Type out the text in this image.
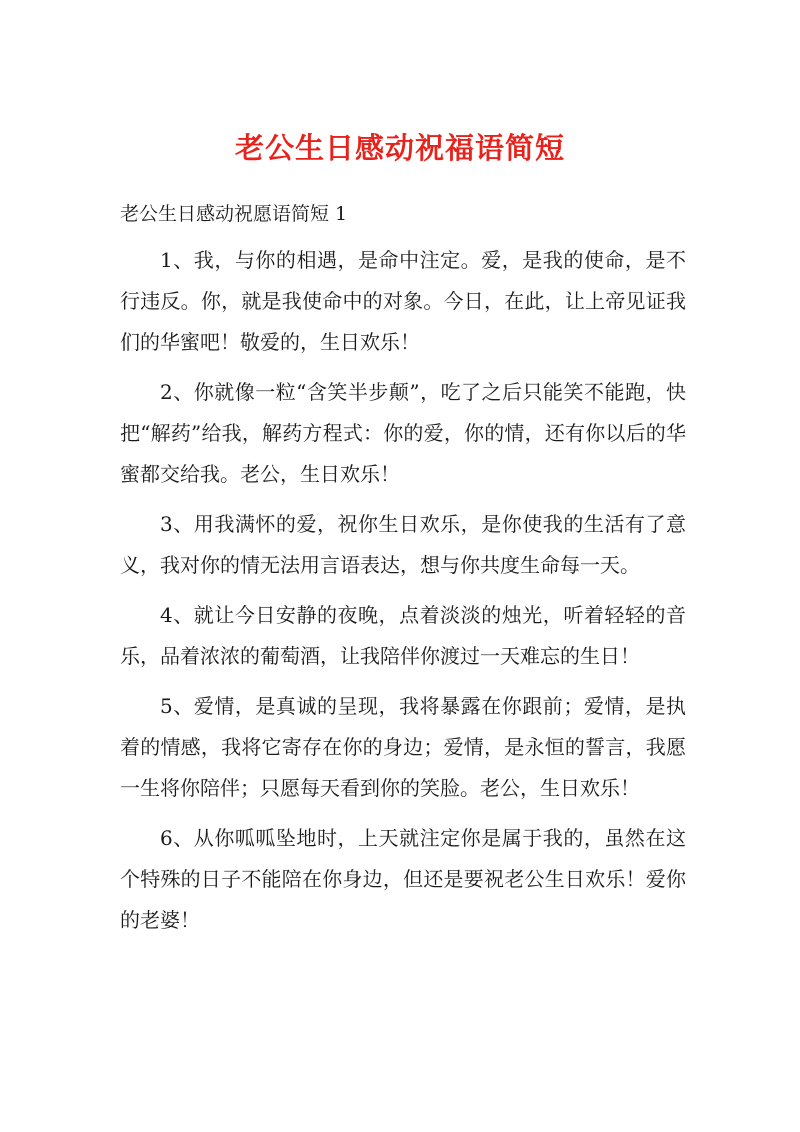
老公生日感动祝福语简短
老公生日感动祝愿语简短 1

1、我，与你的相遇，是命中注定。爱，是我的使命，是不行违反。你，就是我使命中的对象。今日，在此，让上帝见证我们的华蜜吧！敬爱的，生日欢乐！

2、你就像一粒“含笑半步颠”，吃了之后只能笑不能跑，快把“解药”给我，解药方程式：你的爱，你的情，还有你以后的华蜜都交给我。老公，生日欢乐！

3、用我满怀的爱，祝你生日欢乐，是你使我的生活有了意义，我对你的情无法用言语表达，想与你共度生命每一天。

4、就让今日安静的夜晚，点着淡淡的烛光，听着轻轻的音乐，品着浓浓的葡萄酒，让我陪伴你渡过一天难忘的生日！

5、爱情，是真诚的呈现，我将暴露在你跟前；爱情，是执着的情感，我将它寄存在你的身边；爱情，是永恒的誓言，我愿一生将你陪伴；只愿每天看到你的笑脸。老公，生日欢乐！

6、从你呱呱坠地时，上天就注定你是属于我的，虽然在这个特殊的日子不能陪在你身边，但还是要祝老公生日欢乐！爱你的老婆！
